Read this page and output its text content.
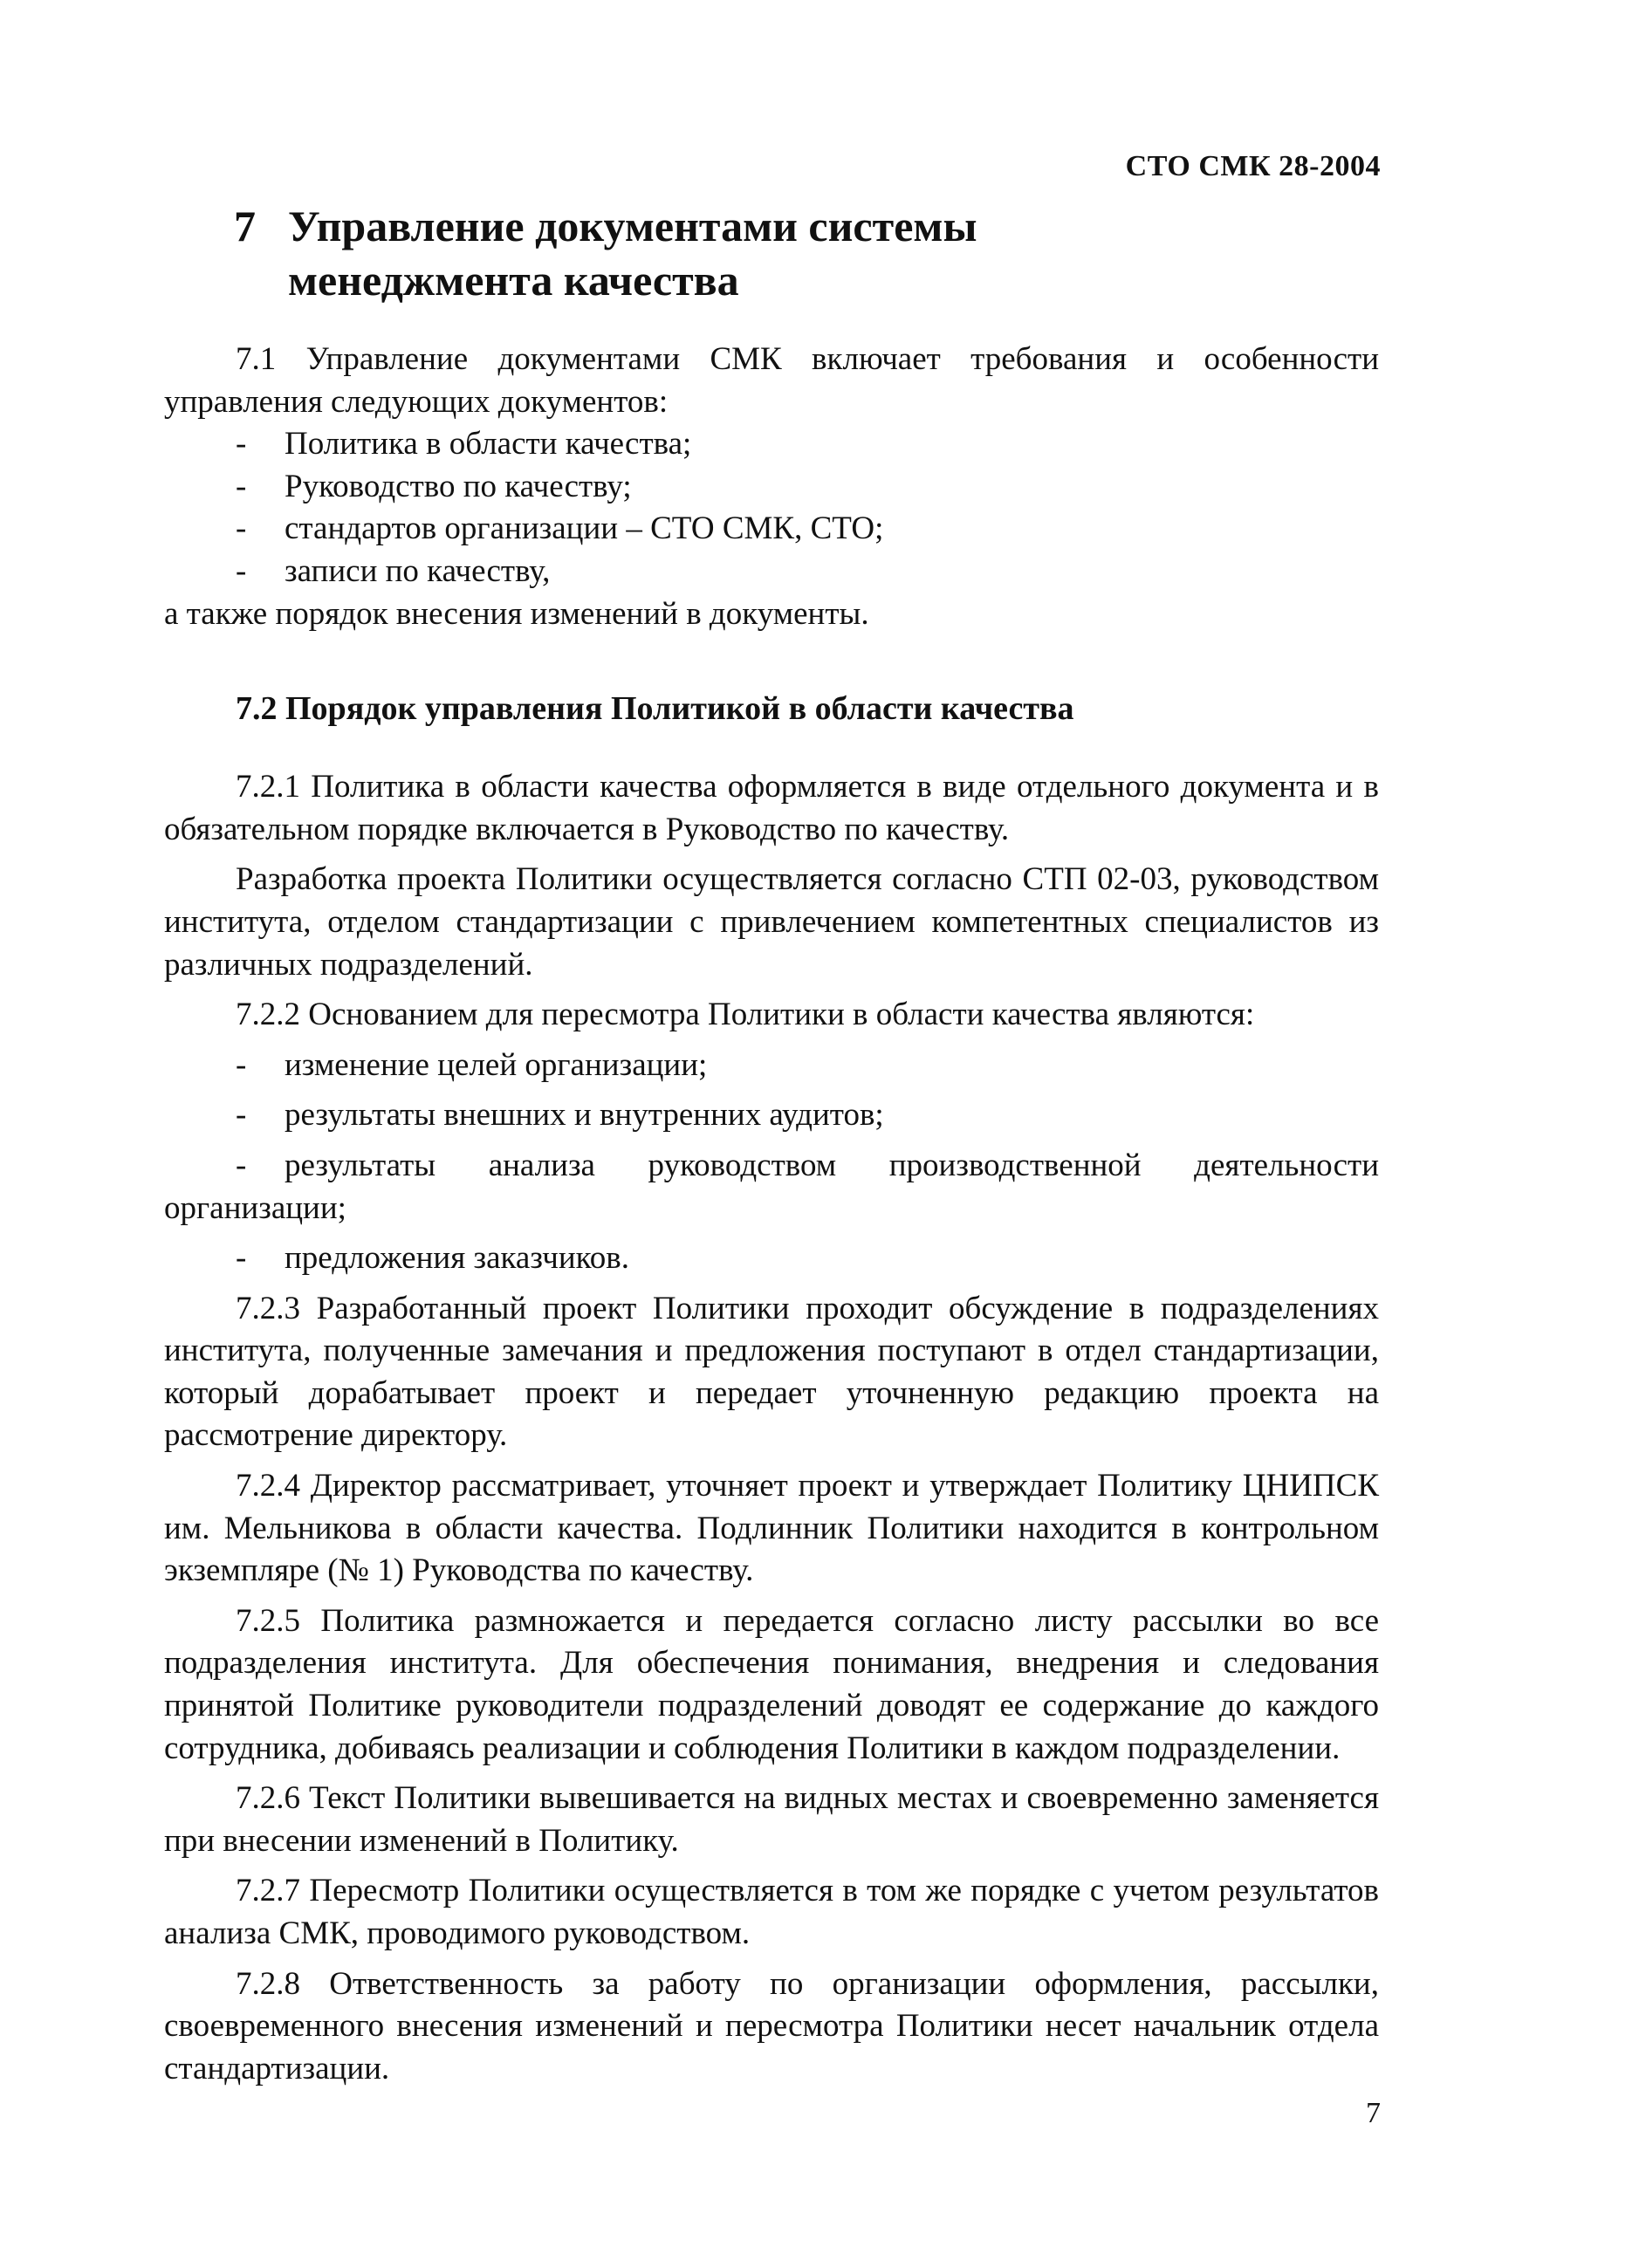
СТО СМК 28-2004
7 Управление документами системы
менеджмента качества

7.1 Управление документами СМК включает требования и особенности управления следующих документов:

-	Политика в области качества;
-	Руководство по качеству;
-	стандартов организации – СТО СМК, СТО;
-	записи по качеству,

а также порядок внесения изменений в документы.

7.2 Порядок управления Политикой в области качества

7.2.1 Политика в области качества оформляется в виде отдельного документа и в обязательном порядке включается в Руководство по качеству.

Разработка проекта Политики осуществляется согласно СТП 02-03, руководством института, отделом стандартизации с привлечением компетентных специалистов из различных подразделений.

7.2.2 Основанием для пересмотра Политики в области качества являются:

-	изменение целей организации;
-	результаты внешних и внутренних аудитов;

- результаты анализа руководством производственной деятельности организации;

-	предложения заказчиков.

7.2.3 Разработанный проект Политики проходит обсуждение в подразделениях института, полученные замечания и предложения поступают в отдел стандартизации, который дорабатывает проект и передает уточненную редакцию проекта на рассмотрение директору.

7.2.4 Директор рассматривает, уточняет проект и утверждает Политику ЦНИПСК им. Мельникова в области качества. Подлинник Политики находится в контрольном экземпляре (№ 1) Руководства по качеству.

7.2.5 Политика размножается и передается согласно листу рассылки во все подразделения института. Для обеспечения понимания, внедрения и следования принятой Политике руководители подразделений доводят ее содержание до каждого сотрудника, добиваясь реализации и соблюдения Политики в каждом подразделении.

7.2.6 Текст Политики вывешивается на видных местах и своевременно заменяется при внесении изменений в Политику.

7.2.7 Пересмотр Политики осуществляется в том же порядке с учетом результатов анализа СМК, проводимого руководством.

7.2.8 Ответственность за работу по организации оформления, рассылки, своевременного внесения изменений и пересмотра Политики несет начальник отдела стандартизации.

7
